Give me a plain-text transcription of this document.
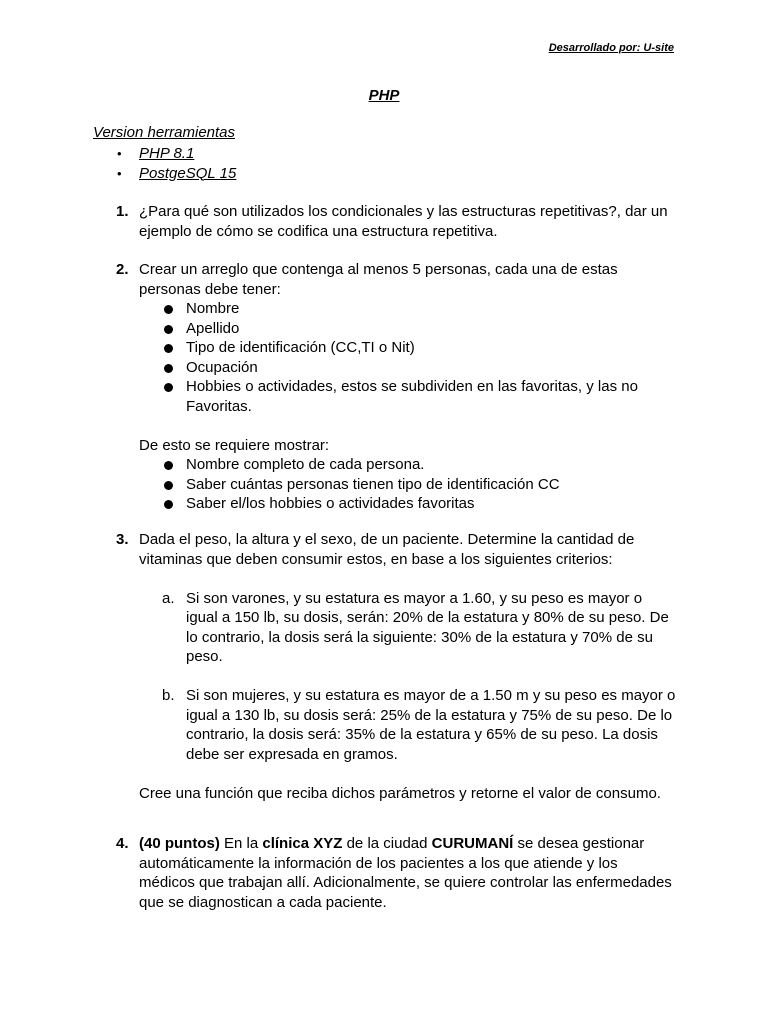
Desarrollado por: U-site
PHP
Version herramientas
• PHP 8.1
• PostgeSQL 15
1. ¿Para qué son utilizados los condicionales y las estructuras repetitivas?, dar un ejemplo de cómo se codifica una estructura repetitiva.

2. Crear un arreglo que contenga al menos 5 personas, cada una de estas personas debe tener:

Nombre
Apellido
Tipo de identificación (CC,TI o Nit)
Ocupación
Hobbies o actividades, estos se subdividen en las favoritas, y las no Favoritas.

De esto se requiere mostrar:

Nombre completo de cada persona.
Saber cuántas personas tienen tipo de identificación CC
Saber el/los hobbies o actividades favoritas
3. Dada el peso, la altura y el sexo, de un paciente. Determine la cantidad de vitaminas que deben consumir estos, en base a los siguientes criterios:

a. Si son varones, y su estatura es mayor a 1.60, y su peso es mayor o igual a 150 lb, su dosis, serán: 20% de la estatura y 80% de su peso. De lo contrario, la dosis será la siguiente: 30% de la estatura y 70% de su peso.
b. Si son mujeres, y su estatura es mayor de a 1.50 m y su peso es mayor o igual a 130 lb, su dosis será: 25% de la estatura y 75% de su peso. De lo contrario, la dosis será: 35% de la estatura y 65% de su peso. La dosis debe ser expresada en gramos.

Cree una función que reciba dichos parámetros y retorne el valor de consumo.

4. (40 puntos) En la clínica XYZ de la ciudad CURUMANÍ se desea gestionar automáticamente la información de los pacientes a los que atiende y los médicos que trabajan allí. Adicionalmente, se quiere controlar las enfermedades que se diagnostican a cada paciente.
